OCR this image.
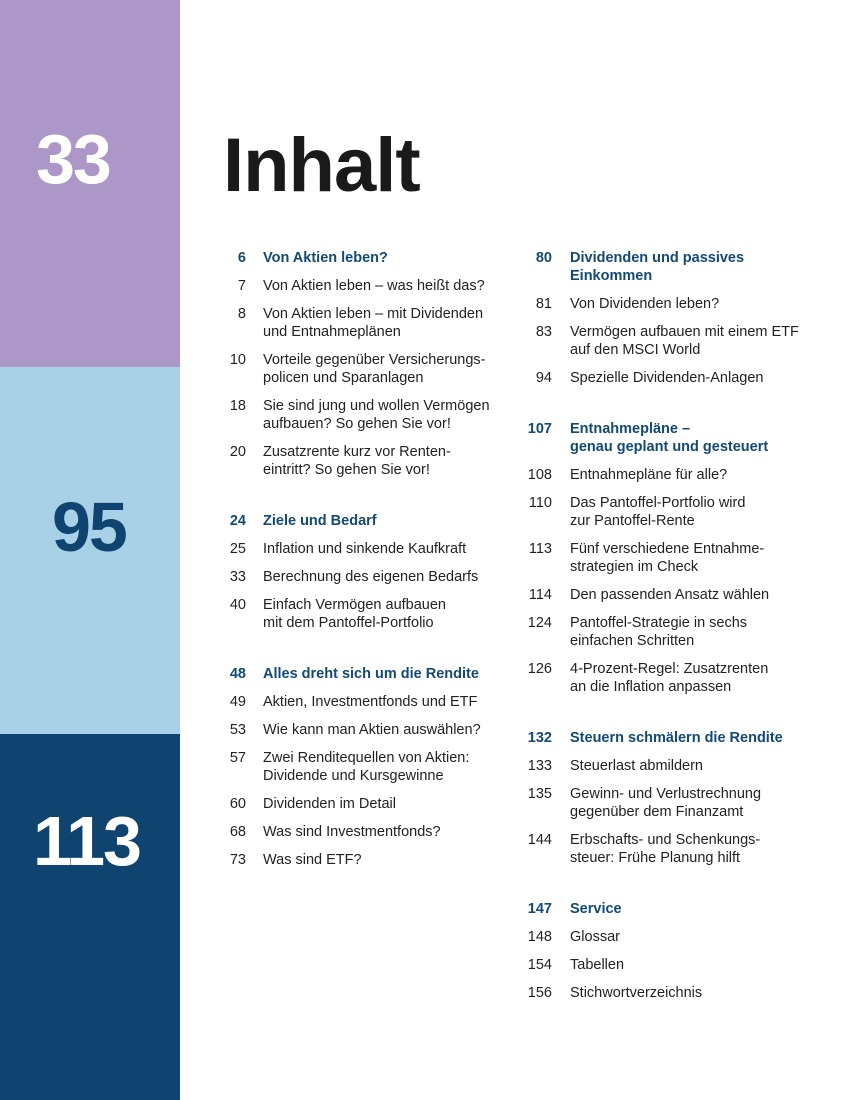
33
95
113
Inhalt
6 Von Aktien leben?
7 Von Aktien leben – was heißt das?
8 Von Aktien leben – mit Dividenden
und Entnahmeplänen
10 Vorteile gegenüber Versicherungs-
policen und Sparanlagen
18 Sie sind jung und wollen Vermögen
aufbauen? So gehen Sie vor!
20 Zusatzrente kurz vor Renten-
eintritt? So gehen Sie vor!
24 Ziele und Bedarf
25 Inflation und sinkende Kaufkraft
33 Berechnung des eigenen Bedarfs
40 Einfach Vermögen aufbauen
mit dem Pantoffel-Portfolio
48 Alles dreht sich um die Rendite
49 Aktien, Investmentfonds und ETF
53 Wie kann man Aktien auswählen?
57 Zwei Renditequellen von Aktien:
Dividende und Kursgewinne
60 Dividenden im Detail
68 Was sind Investmentfonds?
73 Was sind ETF?
80 Dividenden und passives
Einkommen
81 Von Dividenden leben?
83 Vermögen aufbauen mit einem ETF
auf den MSCI World
94 Spezielle Dividenden-Anlagen
107 Entnahmepläne –
genau geplant und gesteuert
108 Entnahmepläne für alle?
110 Das Pantoffel-Portfolio wird
zur Pantoffel-Rente
113 Fünf verschiedene Entnahme-
strategien im Check
114 Den passenden Ansatz wählen
124 Pantoffel-Strategie in sechs
einfachen Schritten
126 4-Prozent-Regel: Zusatzrenten
an die Inflation anpassen
132 Steuern schmälern die Rendite
133 Steuerlast abmildern
135 Gewinn- und Verlustrechnung
gegenüber dem Finanzamt
144 Erbschafts- und Schenkungs-
steuer: Frühe Planung hilft
147 Service
148 Glossar
154 Tabellen
156 Stichwortverzeichnis
